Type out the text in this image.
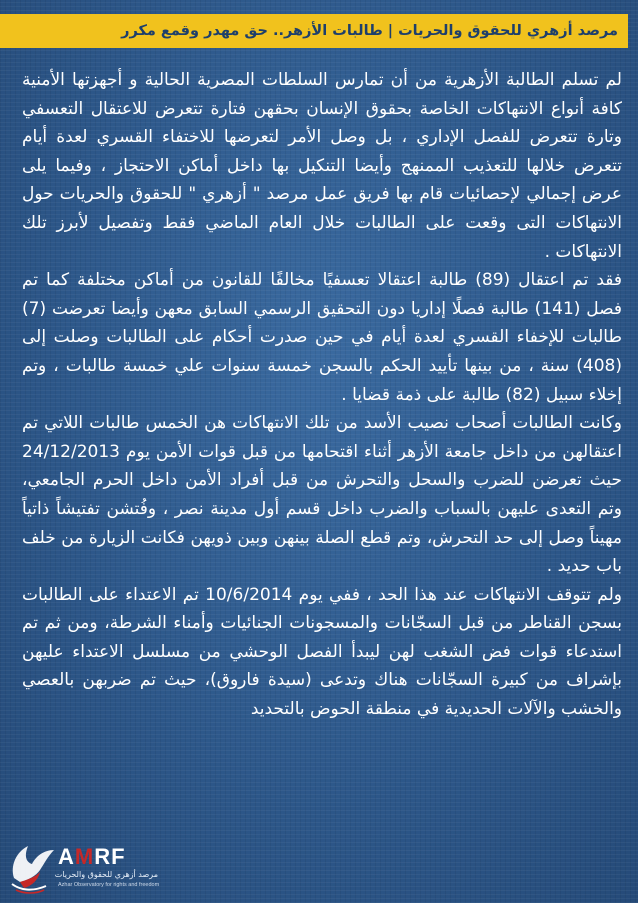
مرصد أزهري للحقوق والحريات | طالبات الأزهر.. حق مهدر وقمع مكرر

لم تسلم الطالبة الأزهرية من أن تمارس السلطات المصرية الحالية و أجهزتها الأمنية كافة أنواع الانتهاكات الخاصة بحقوق الإنسان بحقهن فتارة تتعرض للاعتقال التعسفي وتارة تتعرض للفصل الإداري ، بل وصل الأمر لتعرضها للاختفاء القسري لعدة أيام تتعرض خلالها للتعذيب الممنهج وأيضا التنكيل بها داخل أماكن الاحتجاز ، وفيما يلى عرض إجمالي لإحصائيات قام بها فريق عمل مرصد " أزهري " للحقوق والحريات حول الانتهاكات التى وقعت على الطالبات خلال العام الماضي فقط وتفصيل لأبرز تلك الانتهاكات .

فقد تم اعتقال (89) طالبة اعتقالا تعسفيًا مخالفًا للقانون من أماكن مختلفة كما تم فصل (141) طالبة فصلًا إداريا دون التحقيق الرسمي السابق معهن وأيضا تعرضت (7) طالبات للإخفاء القسري لعدة أيام في حين صدرت أحكام على الطالبات وصلت إلى (408) سنة ، من بينها تأييد الحكم بالسجن خمسة سنوات علي خمسة طالبات ، وتم إخلاء سبيل (82) طالبة على ذمة قضايا .

وكانت الطالبات أصحاب نصيب الأسد من تلك الانتهاكات هن الخمس طالبات اللاتي تم اعتقالهن من داخل جامعة الأزهر أثناء اقتحامها من قبل قوات الأمن يوم 24/12/2013 حيث تعرضن للضرب والسحل والتحرش من قبل أفراد الأمن داخل الحرم الجامعي، وتم التعدى عليهن بالسباب والضرب داخل قسم أول مدينة نصر ، وفُتشن تفتيشاً ذاتياً مهيناً وصل إلى حد التحرش، وتم قطع الصلة بينهن وبين ذويهن فكانت الزيارة من خلف باب حديد .

ولم تتوقف الانتهاكات عند هذا الحد ، ففي يوم 10/6/2014 تم الاعتداء على الطالبات بسجن القناطر من قبل السجّانات والمسجونات الجنائيات وأمناء الشرطة، ومن ثم تم استدعاء قوات فض الشغب لهن ليبدأ الفصل الوحشي من مسلسل الاعتداء عليهن بإشراف من كبيرة السجّانات هناك وتدعى (سيدة فاروق)، حيث تم ضربهن بالعصي والخشب والآلات الحديدية في منطقة الحوض بالتحديد

AMRF
مرصد أزهري للحقوق والحريات
Azhar Observatory for rights and freedom
